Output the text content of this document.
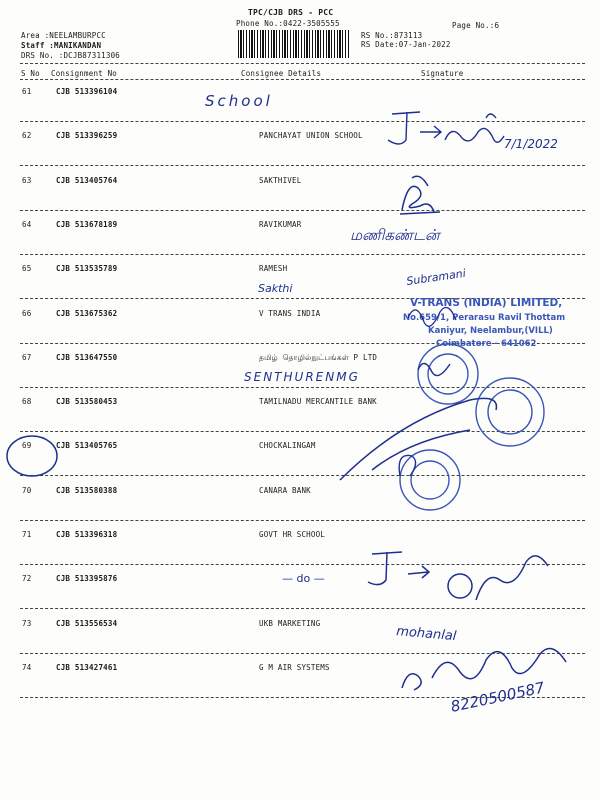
TPC/CJB DRS - PCC
Phone No.:0422-3505555
Area :NEELAMBURPCC
Staff :MANIKANDAN
DRS No. :DCJB87311306
Page No.:6
RS No.:873113
RS Date:07-Jan-2022
S No Consignment No	Consignee Details	Signature
61	CJB 513396104
62	CJB 513396259	PANCHAYAT UNION SCHOOL
63	CJB 513405764	SAKTHIVEL
64	CJB 513678189	RAVIKUMAR
65	CJB 513535789	RAMESH
66	CJB 513675362	V TRANS INDIA
67	CJB 513647550	தமிழ் தொழில்நுட்பங்கள் P LTD
68	CJB 513580453	TAMILNADU MERCANTILE BANK
69	CJB 513405765	CHOCKALINGAM
70	CJB 513580388	CANARA BANK
71	CJB 513396318	GOVT HR SCHOOL
72	CJB 513395876
73	CJB 513556534	UKB MARKETING
74	CJB 513427461	G M AIR SYSTEMS
School
7/1/2022
மணிகண்டன்
Subramani
Sakthi
V-TRANS (INDIA) LIMITED,
No.659/1, Perarasu Ravil Thottam
Kaniyur, Neelambur,(VILL)
Coimbatore - 641062
SENTHURENMG
— do —
mohanlal
8220500587
